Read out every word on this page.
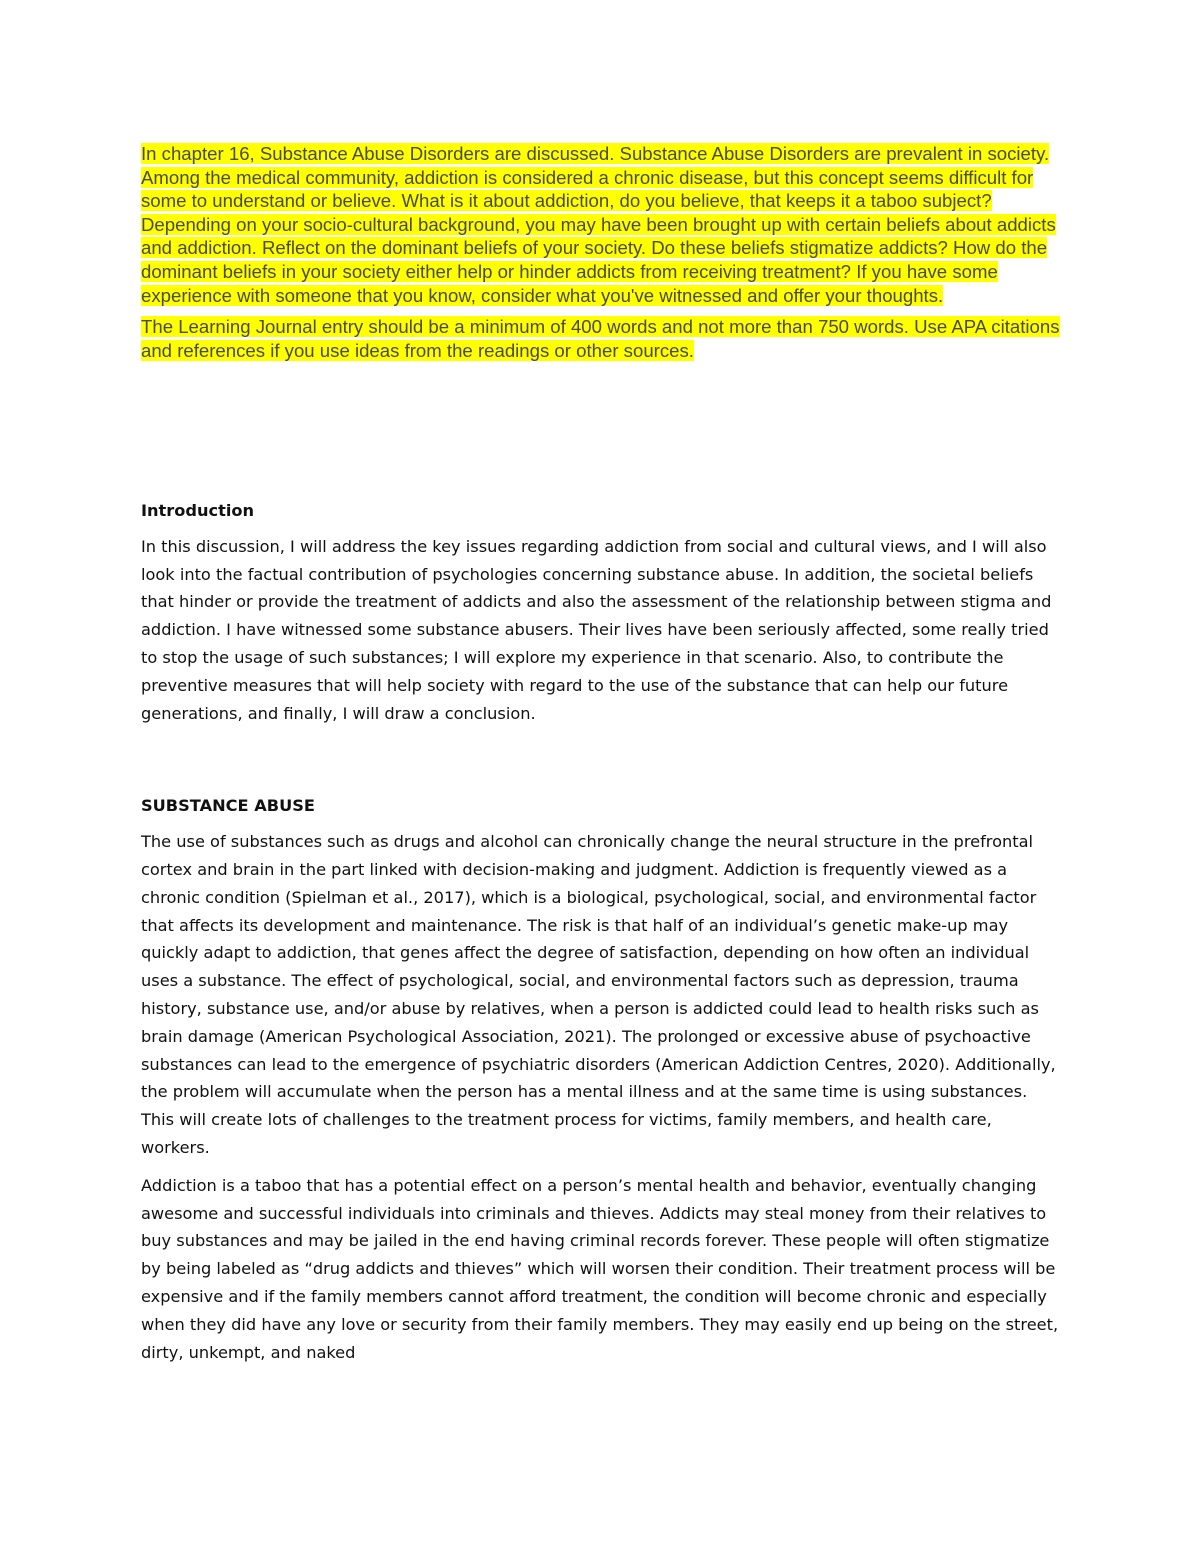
In chapter 16, Substance Abuse Disorders are discussed. Substance Abuse Disorders are prevalent in society. Among the medical community, addiction is considered a chronic disease, but this concept seems difficult for some to understand or believe. What is it about addiction, do you believe, that keeps it a taboo subject? Depending on your socio-cultural background, you may have been brought up with certain beliefs about addicts and addiction. Reflect on the dominant beliefs of your society. Do these beliefs stigmatize addicts? How do the dominant beliefs in your society either help or hinder addicts from receiving treatment? If you have some experience with someone that you know, consider what you've witnessed and offer your thoughts.

The Learning Journal entry should be a minimum of 400 words and not more than 750 words. Use APA citations and references if you use ideas from the readings or other sources.

Introduction

In this discussion, I will address the key issues regarding addiction from social and cultural views, and I will also look into the factual contribution of psychologies concerning substance abuse. In addition, the societal beliefs that hinder or provide the treatment of addicts and also the assessment of the relationship between stigma and addiction. I have witnessed some substance abusers. Their lives have been seriously affected, some really tried to stop the usage of such substances; I will explore my experience in that scenario. Also, to contribute the preventive measures that will help society with regard to the use of the substance that can help our future generations, and finally, I will draw a conclusion.

SUBSTANCE ABUSE

The use of substances such as drugs and alcohol can chronically change the neural structure in the prefrontal cortex and brain in the part linked with decision-making and judgment. Addiction is frequently viewed as a chronic condition (Spielman et al., 2017), which is a biological, psychological, social, and environmental factor that affects its development and maintenance. The risk is that half of an individual’s genetic make-up may quickly adapt to addiction, that genes affect the degree of satisfaction, depending on how often an individual uses a substance. The effect of psychological, social, and environmental factors such as depression, trauma history, substance use, and/or abuse by relatives, when a person is addicted could lead to health risks such as brain damage (American Psychological Association, 2021). The prolonged or excessive abuse of psychoactive substances can lead to the emergence of psychiatric disorders (American Addiction Centres, 2020). Additionally, the problem will accumulate when the person has a mental illness and at the same time is using substances. This will create lots of challenges to the treatment process for victims, family members, and health care, workers.

Addiction is a taboo that has a potential effect on a person’s mental health and behavior, eventually changing awesome and successful individuals into criminals and thieves. Addicts may steal money from their relatives to buy substances and may be jailed in the end having criminal records forever. These people will often stigmatize by being labeled as “drug addicts and thieves” which will worsen their condition. Their treatment process will be expensive and if the family members cannot afford treatment, the condition will become chronic and especially when they did have any love or security from their family members. They may easily end up being on the street, dirty, unkempt, and naked
